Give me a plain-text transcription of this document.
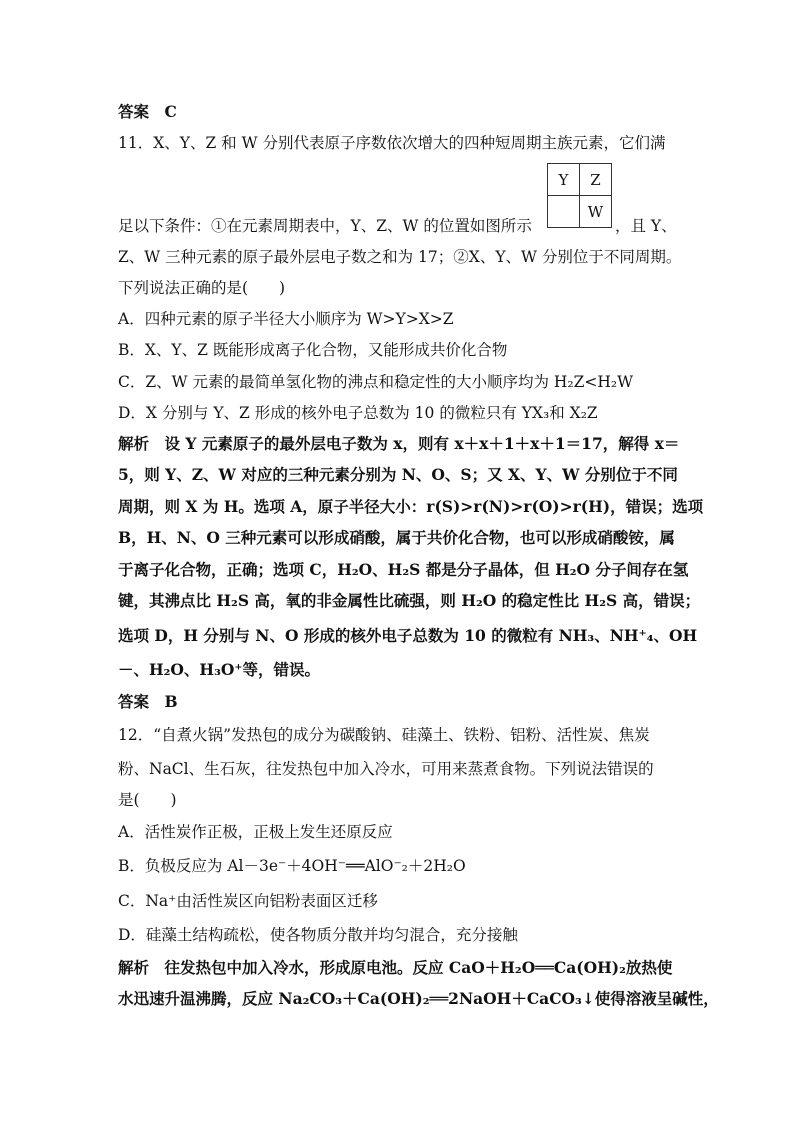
答案　C
11．X、Y、Z 和 W 分别代表原子序数依次增大的四种短周期主族元素，它们满
Y	Z
	W
足以下条件：①在元素周期表中，Y、Z、W 的位置如图所示	，且 Y、
Z、W 三种元素的原子最外层电子数之和为 17；②X、Y、W 分别位于不同周期。
下列说法正确的是(　　)
A．四种元素的原子半径大小顺序为 W>Y>X>Z
B．X、Y、Z 既能形成离子化合物，又能形成共价化合物
C．Z、W 元素的最简单氢化物的沸点和稳定性的大小顺序均为 H₂Z<H₂W
D．X 分别与 Y、Z 形成的核外电子总数为 10 的微粒只有 YX₃和 X₂Z
解析　设 Y 元素原子的最外层电子数为 x，则有 x＋x＋1＋x＋1＝17，解得 x＝
5，则 Y、Z、W 对应的三种元素分别为 N、O、S；又 X、Y、W 分别位于不同
周期，则 X 为 H。选项 A，原子半径大小：r(S)>r(N)>r(O)>r(H)，错误；选项
B，H、N、O 三种元素可以形成硝酸，属于共价化合物，也可以形成硝酸铵，属
于离子化合物，正确；选项 C，H₂O、H₂S 都是分子晶体，但 H₂O 分子间存在氢
键，其沸点比 H₂S 高，氧的非金属性比硫强，则 H₂O 的稳定性比 H₂S 高，错误；
选项 D，H 分别与 N、O 形成的核外电子总数为 10 的微粒有 NH₃、NH⁺₄、OH
－、H₂O、H₃O⁺等，错误。
答案　B
12．“自煮火锅”发热包的成分为碳酸钠、硅藻土、铁粉、铝粉、活性炭、焦炭
粉、NaCl、生石灰，往发热包中加入冷水，可用来蒸煮食物。下列说法错误的
是(　　)
A．活性炭作正极，正极上发生还原反应
B．负极反应为 Al－3e⁻＋4OH⁻══AlO⁻₂＋2H₂O
C．Na⁺由活性炭区向铝粉表面区迁移
D．硅藻土结构疏松，使各物质分散并均匀混合，充分接触
解析　往发热包中加入冷水，形成原电池。反应 CaO＋H₂O══Ca(OH)₂放热使
水迅速升温沸腾，反应 Na₂CO₃＋Ca(OH)₂══2NaOH＋CaCO₃↓使得溶液呈碱性，
